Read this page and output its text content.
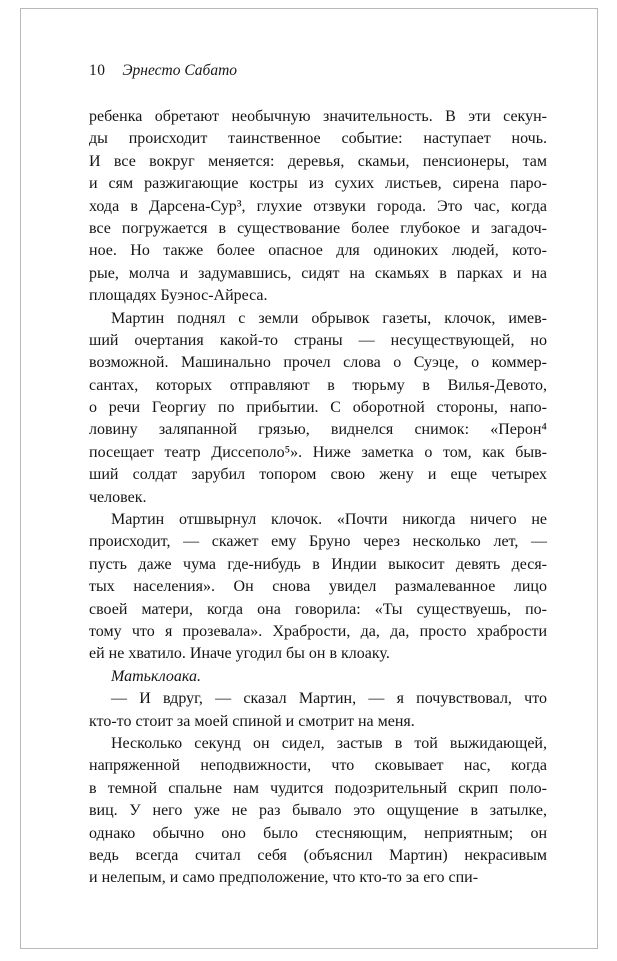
10 Эрнесто Сабато
ребенка обретают необычную значительность. В эти секун-
ды происходит таинственное событие: наступает ночь.
И все вокруг меняется: деревья, скамьи, пенсионеры, там
и сям разжигающие костры из сухих листьев, сирена паро-
хода в Дарсена-Сур³, глухие отзвуки города. Это час, когда
все погружается в существование более глубокое и загадоч-
ное. Но также более опасное для одиноких людей, кото-
рые, молча и задумавшись, сидят на скамьях в парках и на
площадях Буэнос-Айреса.
Мартин поднял с земли обрывок газеты, клочок, имев-
ший очертания какой-то страны — несуществующей, но
возможной. Машинально прочел слова о Суэце, о коммер-
сантах, которых отправляют в тюрьму в Вилья-Девото,
о речи Георгиу по прибытии. С оборотной стороны, напо-
ловину заляпанной грязью, виднелся снимок: «Перон⁴
посещает театр Диссеполо⁵». Ниже заметка о том, как быв-
ший солдат зарубил топором свою жену и еще четырех
человек.
Мартин отшвырнул клочок. «Почти никогда ничего не
происходит, — скажет ему Бруно через несколько лет, —
пусть даже чума где-нибудь в Индии выкосит девять деся-
тых населения». Он снова увидел размалеванное лицо
своей матери, когда она говорила: «Ты существуешь, по-
тому что я прозевала». Храбрости, да, да, просто храбрости
ей не хватило. Иначе угодил бы он в клоаку.
Матьклоака.
— И вдруг, — сказал Мартин, — я почувствовал, что
кто-то стоит за моей спиной и смотрит на меня.
Несколько секунд он сидел, застыв в той выжидающей,
напряженной неподвижности, что сковывает нас, когда
в темной спальне нам чудится подозрительный скрип поло-
виц. У него уже не раз бывало это ощущение в затылке,
однако обычно оно было стесняющим, неприятным; он
ведь всегда считал себя (объяснил Мартин) некрасивым
и нелепым, и само предположение, что кто-то за его спи-
